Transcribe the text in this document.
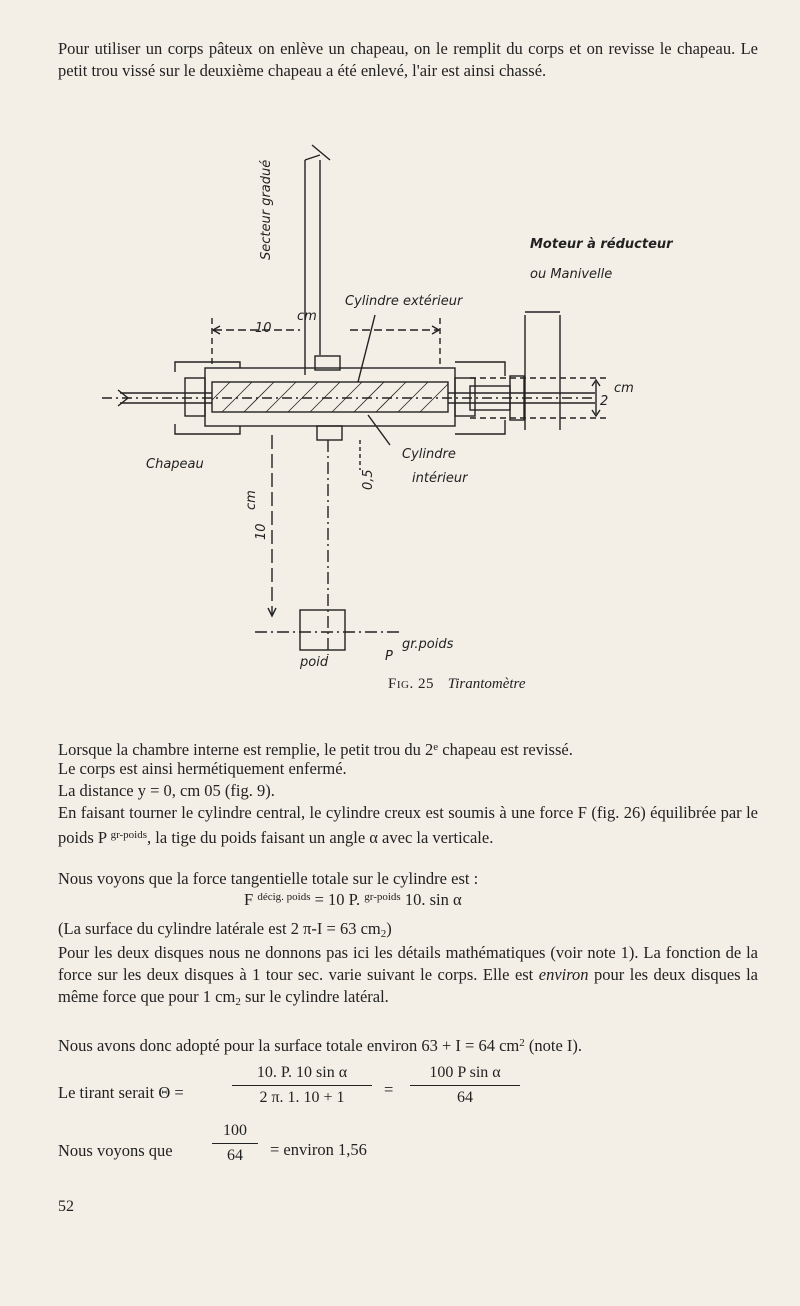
Pour utiliser un corps pâteux on enlève un chapeau, on le remplit du corps et on revisse le chapeau. Le petit trou vissé sur le deuxième chapeau a été enlevé, l'air est ainsi chassé.
Secteur gradué	Moteur à réducteur
ou Manivelle
Cylindre extérieur
10
cm
2
cm
Chapeau
Cylindre
intérieur
0,5
10
cm
poid	P
gr.poids
Fig. 25 Tirantomètre
Lorsque la chambre interne est remplie, le petit trou du 2e chapeau est revissé.
Le corps est ainsi hermétiquement enfermé.
La distance y = 0, cm 05 (fig. 9).
En faisant tourner le cylindre central, le cylindre creux est soumis à une force F (fig. 26) équilibrée par le poids P $^{gr-poids}$, la tige du poids faisant un angle α avec la verticale.
Nous voyons que la force tangentielle totale sur le cylindre est :
F $^{décig. poids}$ = 10 P. $^{gr-poids}$ 10. sin α
(La surface du cylindre latérale est 2 π-I = 63 $cm_2$)
Pour les deux disques nous ne donnons pas ici les détails mathématiques (voir note 1). La fonction de la force sur les deux disques à 1 tour sec. varie suivant le corps. Elle est environ pour les deux disques la même force que pour 1 $cm_2$ sur le cylindre latéral.
Nous avons donc adopté pour la surface totale environ 63 + I = 64 $cm^2$ (note I).
Le tirant serait Θ =
10. P. 10 sin α
2 π. 1. 10 + 1	=
100 P sin α
64
Nous voyons que
100
64	= environ 1,56
52
